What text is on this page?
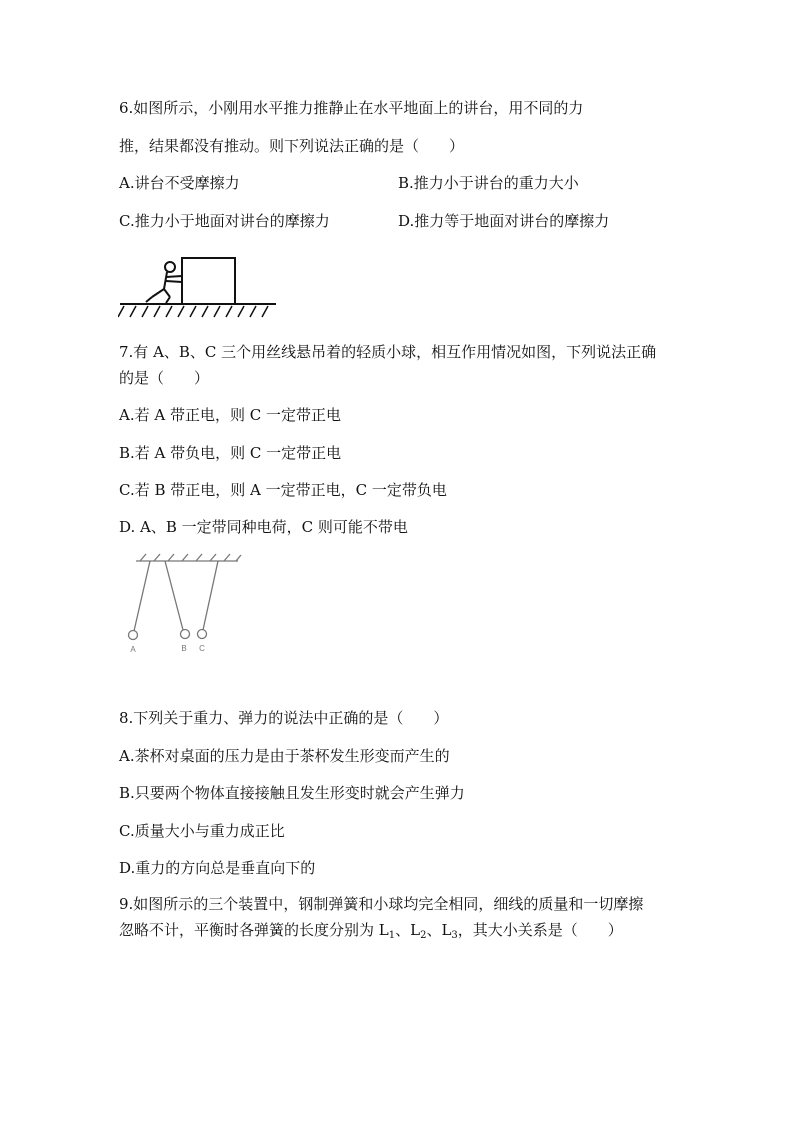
6.如图所示，小刚用水平推力推静止在水平地面上的讲台，用不同的力
推，结果都没有推动。则下列说法正确的是（　　）
A.讲台不受摩擦力	B.推力小于讲台的重力大小
C.推力小于地面对讲台的摩擦力	D.推力等于地面对讲台的摩擦力
7.有 A、B、C 三个用丝线悬吊着的轻质小球，相互作用情况如图，下列说法正确
的是（　　）
A.若 A 带正电，则 C 一定带正电
B.若 A 带负电，则 C 一定带正电
C.若 B 带正电，则 A 一定带正电，C 一定带负电
D. A、B 一定带同种电荷，C 则可能不带电
A	B C
8.下列关于重力、弹力的说法中正确的是（　　）
A.茶杯对桌面的压力是由于茶杯发生形变而产生的
B.只要两个物体直接接触且发生形变时就会产生弹力
C.质量大小与重力成正比
D.重力的方向总是垂直向下的
9.如图所示的三个装置中，钢制弹簧和小球均完全相同，细线的质量和一切摩擦
忽略不计，平衡时各弹簧的长度分别为 $L_1$、$L_2$、$L_3$，其大小关系是（　　）
